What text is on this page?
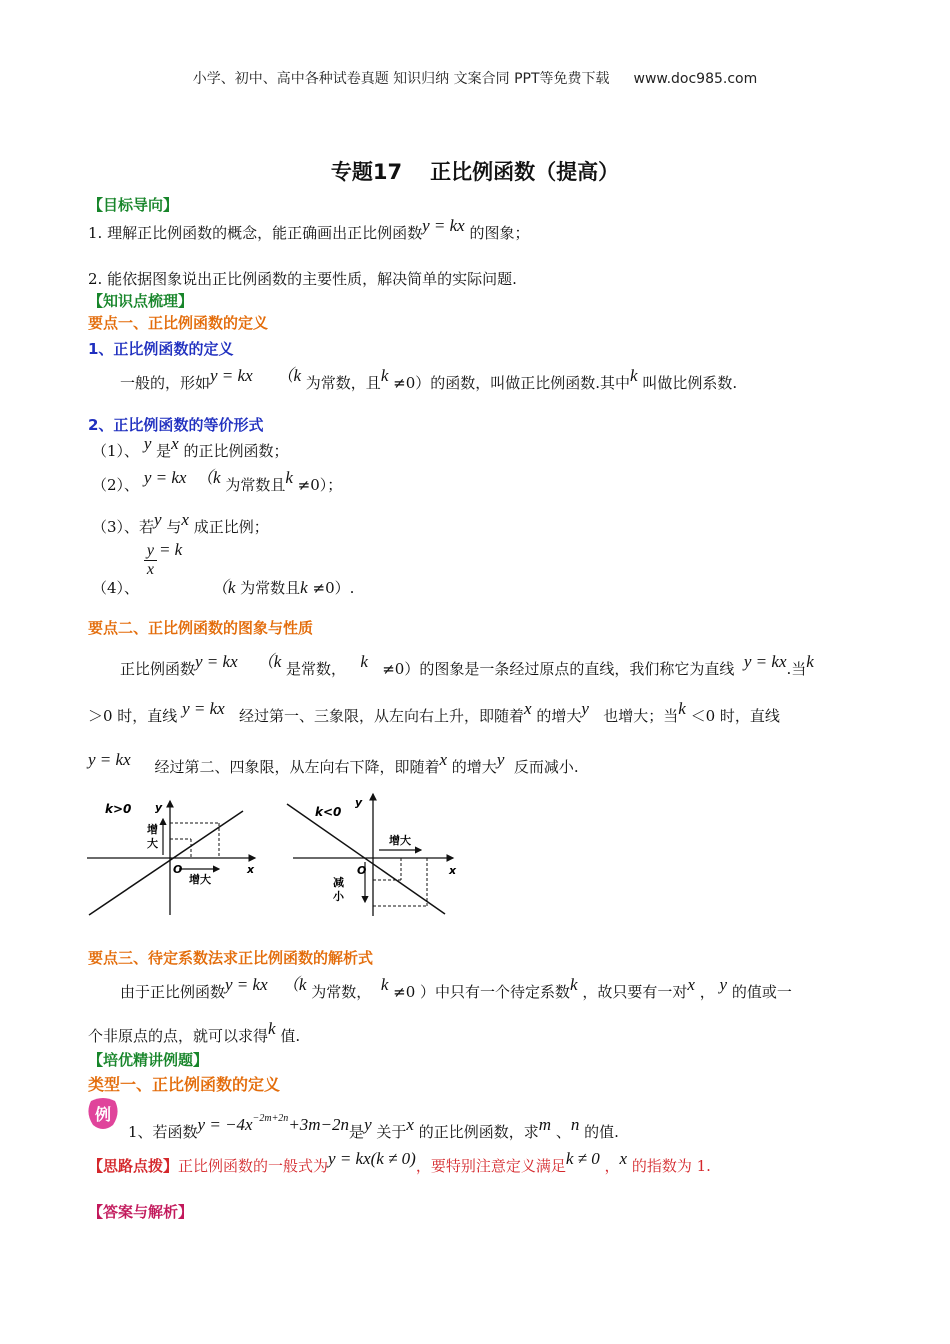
小学、初中、高中各种试卷真题 知识归纳 文案合同 PPT等免费下载 www.doc985.com
专题17 正比例函数（提高）
【目标导向】
1. 理解正比例函数的概念，能正确画出正比例函数y = kx 的图象；
2. 能依据图象说出正比例函数的主要性质，解决简单的实际问题.
【知识点梳理】
要点一、正比例函数的定义
1、正比例函数的定义
一般的，形如y = kx （k 为常数，且k ≠0）的函数，叫做正比例函数.其中k 叫做比例系数.
2、正比例函数的等价形式
（1）、 y 是x 的正比例函数；
（2）、 y = kx （k 为常数且k ≠0）；
（3）、若y 与x 成正比例；
（4）、
$\frac{y}{x} = k$      （k 为常数且k ≠0）.
要点二、正比例函数的图象与性质
正比例函数y = kx （k 是常数， k ≠0）的图象是一条经过原点的直线，我们称它为直线 y = kx.当k
＞0 时，直线 y = kx 经过第一、三象限，从左向右上升，即随着x 的增大y 也增大；当k ＜0 时，直线
y = kx 经过第二、四象限，从左向右下降，即随着x 的增大y 反而减小.
k>0 y
x
O
增
大
增大
k<0
y
x
O
减
小
增大
要点三、待定系数法求正比例函数的解析式
由于正比例函数y = kx （k 为常数， k ≠0 ）中只有一个待定系数k ，故只要有一对x ， y 的值或一
个非原点的点，就可以求得k 值.
【培优精讲例题】
类型一、正比例函数的定义
例
1、若函数$y = -4x^{-2m+2n}+3m-2n$是y 关于x 的正比例函数，求m 、n 的值.
【思路点拨】正比例函数的一般式为y = kx(k ≠ 0)，要特别注意定义满足k ≠ 0 ，x 的指数为 1.
【答案与解析】
